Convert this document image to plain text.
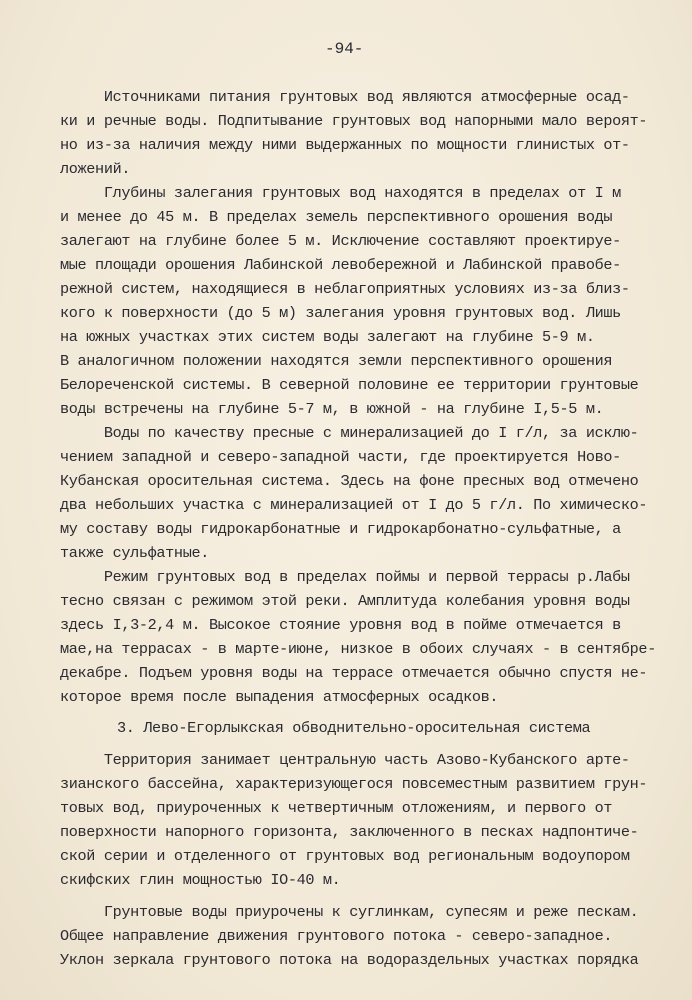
-94-
Источниками питания грунтовых вод являются атмосферные осад-
ки и речные воды. Подпитывание грунтовых вод напорными мало вероят-
но из-за наличия между ними выдержанных по мощности глинистых от-
ложений.
Глубины залегания грунтовых вод находятся в пределах от I м
и менее до 45 м. В пределах земель перспективного орошения воды
залегают на глубине более 5 м. Исключение составляют проектируе-
мые площади орошения Лабинской левобережной и Лабинской правобе-
режной систем, находящиеся в неблагоприятных условиях из-за близ-
кого к поверхности (до 5 м) залегания уровня грунтовых вод. Лишь
на южных участках этих систем воды залегают на глубине 5-9 м.
В аналогичном положении находятся земли перспективного орошения
Белореченской системы. В северной половине ее территории грунтовые
воды встречены на глубине 5-7 м, в южной - на глубине I,5-5 м.
Воды по качеству пресные с минерализацией до I г/л, за исклю-
чением западной и северо-западной части, где проектируется Ново-
Кубанская оросительная система. Здесь на фоне пресных вод отмечено
два небольших участка с минерализацией от I до 5 г/л. По химическо-
му составу воды гидрокарбонатные и гидрокарбонатно-сульфатные, а
также сульфатные.
Режим грунтовых вод в пределах поймы и первой террасы р.Лабы
тесно связан с режимом этой реки. Амплитуда колебания уровня воды
здесь I,3-2,4 м. Высокое стояние уровня вод в пойме отмечается в
мае,на террасах - в марте-июне, низкое в обоих случаях - в сентябре-
декабре. Подъем уровня воды на террасе отмечается обычно спустя не-
которое время после выпадения атмосферных осадков.
3. Лево-Егорлыкская обводнительно-оросительная система
Территория занимает центральную часть Азово-Кубанского арте-
зианского бассейна, характеризующегося повсеместным развитием грун-
товых вод, приуроченных к четвертичным отложениям, и первого от
поверхности напорного горизонта, заключенного в песках надпонтиче-
ской серии и отделенного от грунтовых вод региональным водоупором
скифских глин мощностью IO-40 м.
Грунтовые воды приурочены к суглинкам, супесям и реже пескам.
Общее направление движения грунтового потока - северо-западное.
Уклон зеркала грунтового потока на водораздельных участках порядка
